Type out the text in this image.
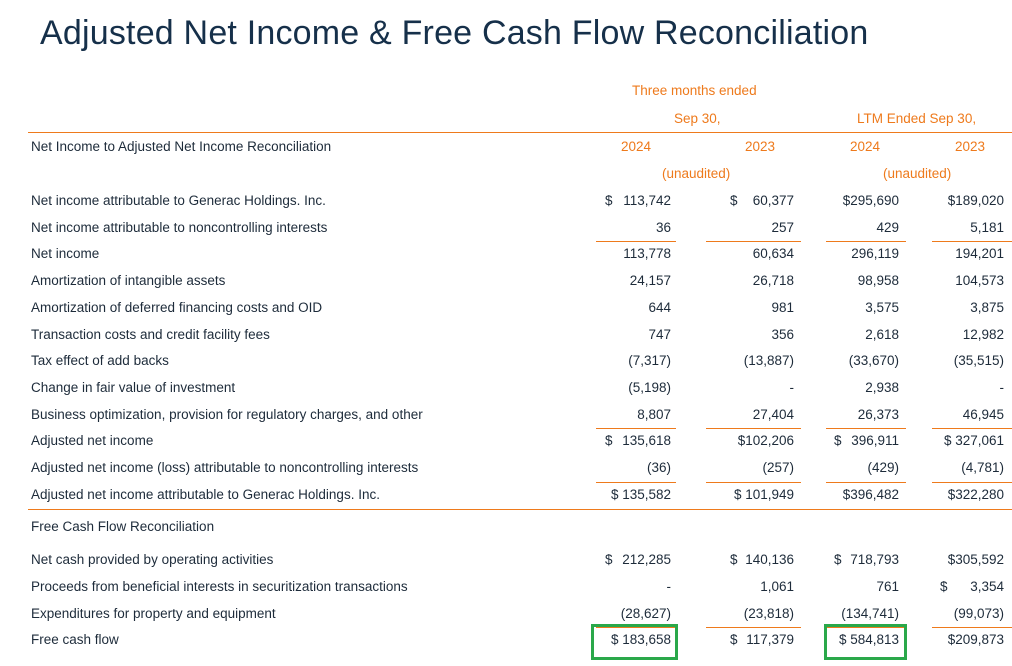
Adjusted Net Income & Free Cash Flow Reconciliation
Three months ended
Sep 30,	LTM Ended Sep 30,
Net Income to Adjusted Net Income Reconciliation	2024	2023	2024	2023
(unaudited)	(unaudited)
Net income attributable to Generac Holdings. Inc.	$ 113,742	$ 60,377	$295,690	$189,020
Net income attributable to noncontrolling interests	36	257	429	5,181
Net income	113,778	60,634	296,119	194,201
Amortization of intangible assets	24,157	26,718	98,958	104,573
Amortization of deferred financing costs and OID	644	981	3,575	3,875
Transaction costs and credit facility fees	747	356	2,618	12,982
Tax effect of add backs	(7,317)	(13,887)	(33,670)	(35,515)
Change in fair value of investment	(5,198)	-	2,938	-
Business optimization, provision for regulatory charges, and other	8,807	27,404	26,373	46,945
Adjusted net income	$ 135,618	$102,206	$ 396,911	$ 327,061
Adjusted net income (loss) attributable to noncontrolling interests	(36)	(257)	(429)	(4,781)
Adjusted net income attributable to Generac Holdings. Inc.	$ 135,582	$ 101,949	$396,482	$322,280
Net cash provided by operating activities	$ 212,285	$ 140,136	$ 718,793	$305,592
Proceeds from beneficial interests in securitization transactions	-	1,061	761	$ 3,354
Expenditures for property and equipment	(28,627)	(23,818)	(134,741)	(99,073)
Free cash flow	$ 183,658	$ 117,379	$ 584,813	$209,873
Free Cash Flow Reconciliation
